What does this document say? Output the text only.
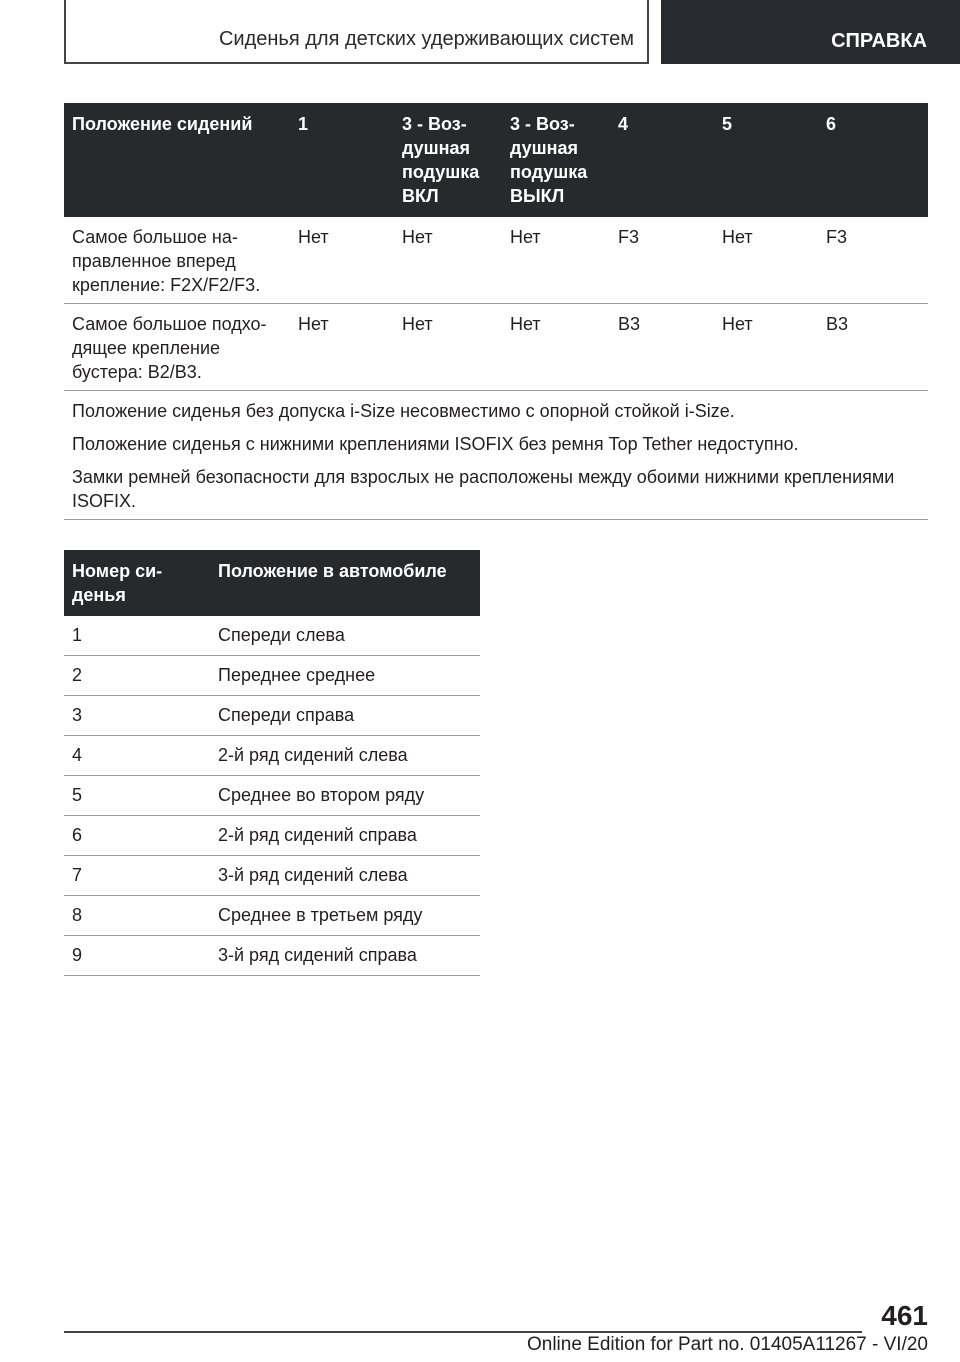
Сиденья для детских удерживающих систем	СПРАВКА
Положение сидений	1	3 - Воз-душная подушка ВКЛ	3 - Воз-душная подушка ВЫКЛ	4	5	6
Самое большое на-правленное вперед крепление: F2X/F2/F3.	Нет	Нет	Нет	F3	Нет	F3
Самое большое подхо-дящее крепление бустера: B2/B3.	Нет	Нет	Нет	B3	Нет	B3

Положение сиденья без допуска i-Size несовместимо с опорной стойкой i-Size.

Положение сиденья с нижними креплениями ISOFIX без ремня Top Tether недоступно.

Замки ремней безопасности для взрослых не расположены между обоими нижними креплениями ISOFIX.						

Номер си-денья	Положение в автомобиле
1	Спереди слева
2	Переднее среднее
3	Спереди справа
4	2-й ряд сидений слева
5	Среднее во втором ряду
6	2-й ряд сидений справа
7	3-й ряд сидений слева
8	Среднее в третьем ряду
9	3-й ряд сидений справа
461
Online Edition for Part no. 01405A11267 - VI/20
